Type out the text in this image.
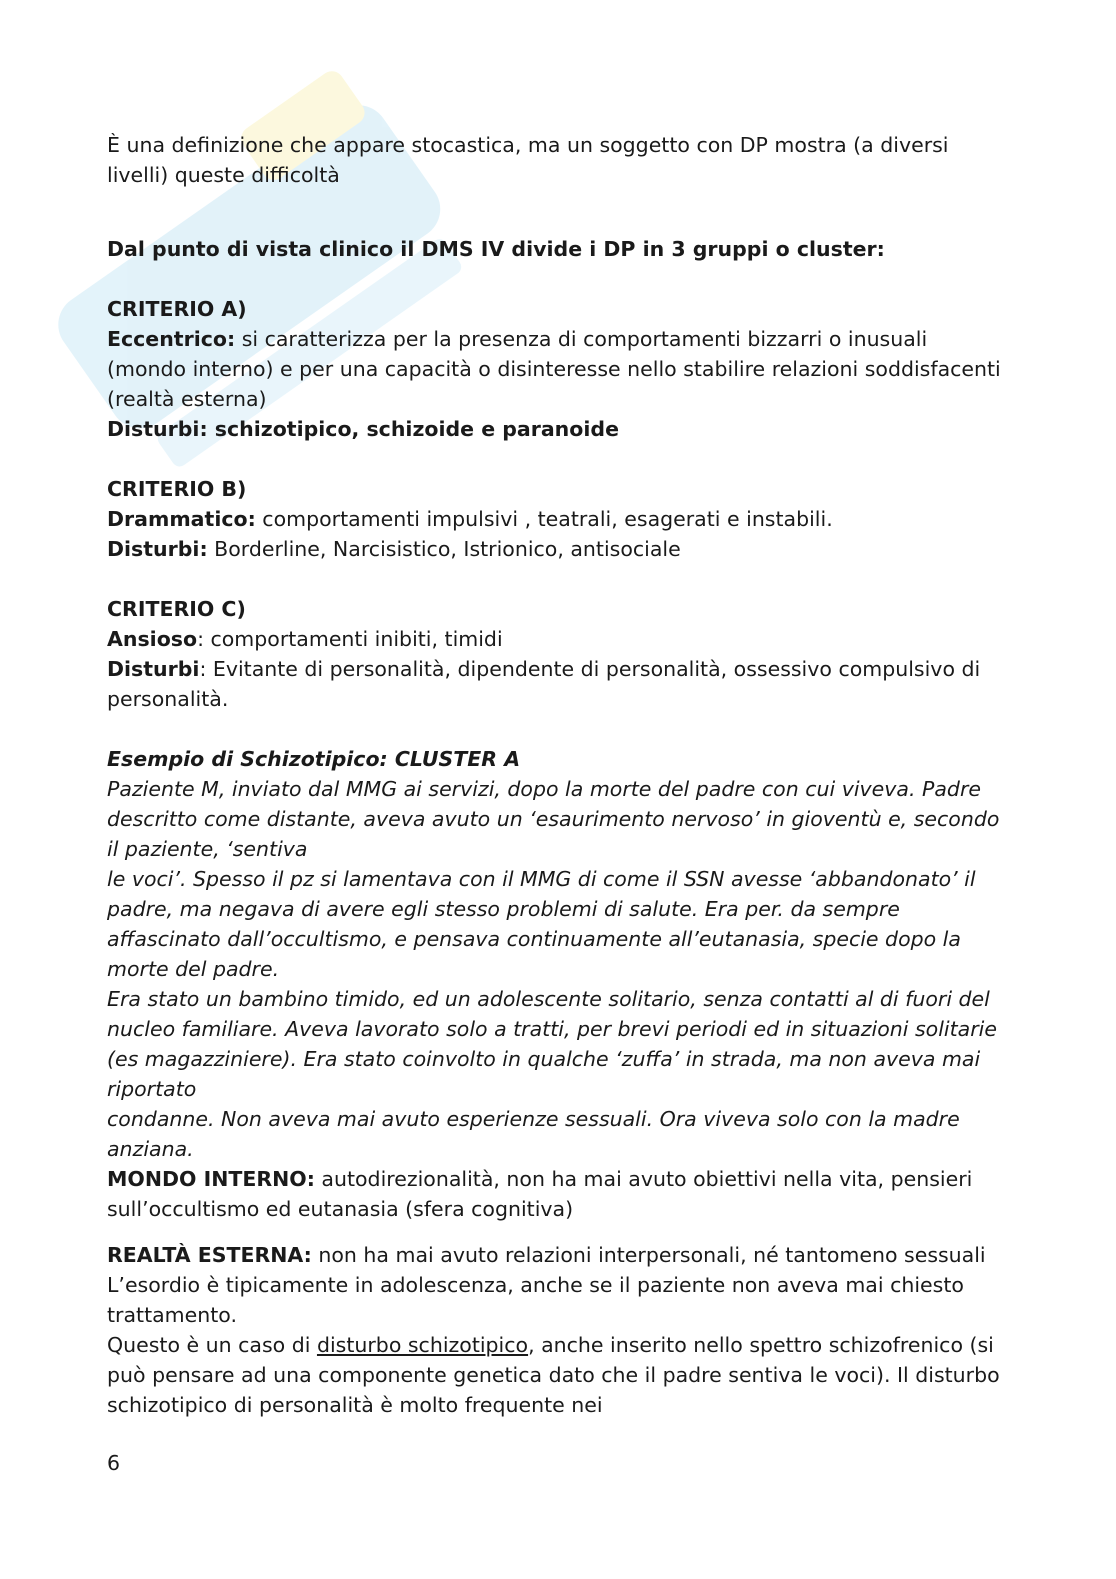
È una definizione che appare stocastica, ma un soggetto con DP mostra (a diversi livelli) queste difficoltà

Dal punto di vista clinico il DMS IV divide i DP in 3 gruppi o cluster:

CRITERIO A)

Eccentrico: si caratterizza per la presenza di comportamenti bizzarri o inusuali (mondo interno) e per una capacità o disinteresse nello stabilire relazioni soddisfacenti (realtà esterna)

Disturbi: schizotipico, schizoide e paranoide

CRITERIO B)

Drammatico: comportamenti impulsivi , teatrali, esagerati e instabili.

Disturbi: Borderline, Narcisistico, Istrionico, antisociale

CRITERIO C)

Ansioso: comportamenti inibiti, timidi

Disturbi: Evitante di personalità, dipendente di personalità, ossessivo compulsivo di personalità.

Esempio di Schizotipico: CLUSTER A

Paziente M, inviato dal MMG ai servizi, dopo la morte del padre con cui viveva. Padre descritto come distante, aveva avuto un ‘esaurimento nervoso’ in gioventù e, secondo il paziente, ‘sentiva

le voci’. Spesso il pz si lamentava con il MMG di come il SSN avesse ‘abbandonato’ il padre, ma negava di avere egli stesso problemi di salute. Era per. da sempre affascinato dall’occultismo, e pensava continuamente all’eutanasia, specie dopo la morte del padre.

Era stato un bambino timido, ed un adolescente solitario, senza contatti al di fuori del nucleo familiare. Aveva lavorato solo a tratti, per brevi periodi ed in situazioni solitarie (es magazziniere). Era stato coinvolto in qualche ‘zuffa’ in strada, ma non aveva mai riportato

condanne. Non aveva mai avuto esperienze sessuali. Ora viveva solo con la madre anziana.

MONDO INTERNO: autodirezionalità, non ha mai avuto obiettivi nella vita, pensieri sull’occultismo ed eutanasia (sfera cognitiva)

REALTÀ ESTERNA: non ha mai avuto relazioni interpersonali, né tantomeno sessuali

L’esordio è tipicamente in adolescenza, anche se il paziente non aveva mai chiesto trattamento.

Questo è un caso di disturbo schizotipico, anche inserito nello spettro schizofrenico (si può pensare ad una componente genetica dato che il padre sentiva le voci). Il disturbo schizotipico di personalità è molto frequente nei

6
